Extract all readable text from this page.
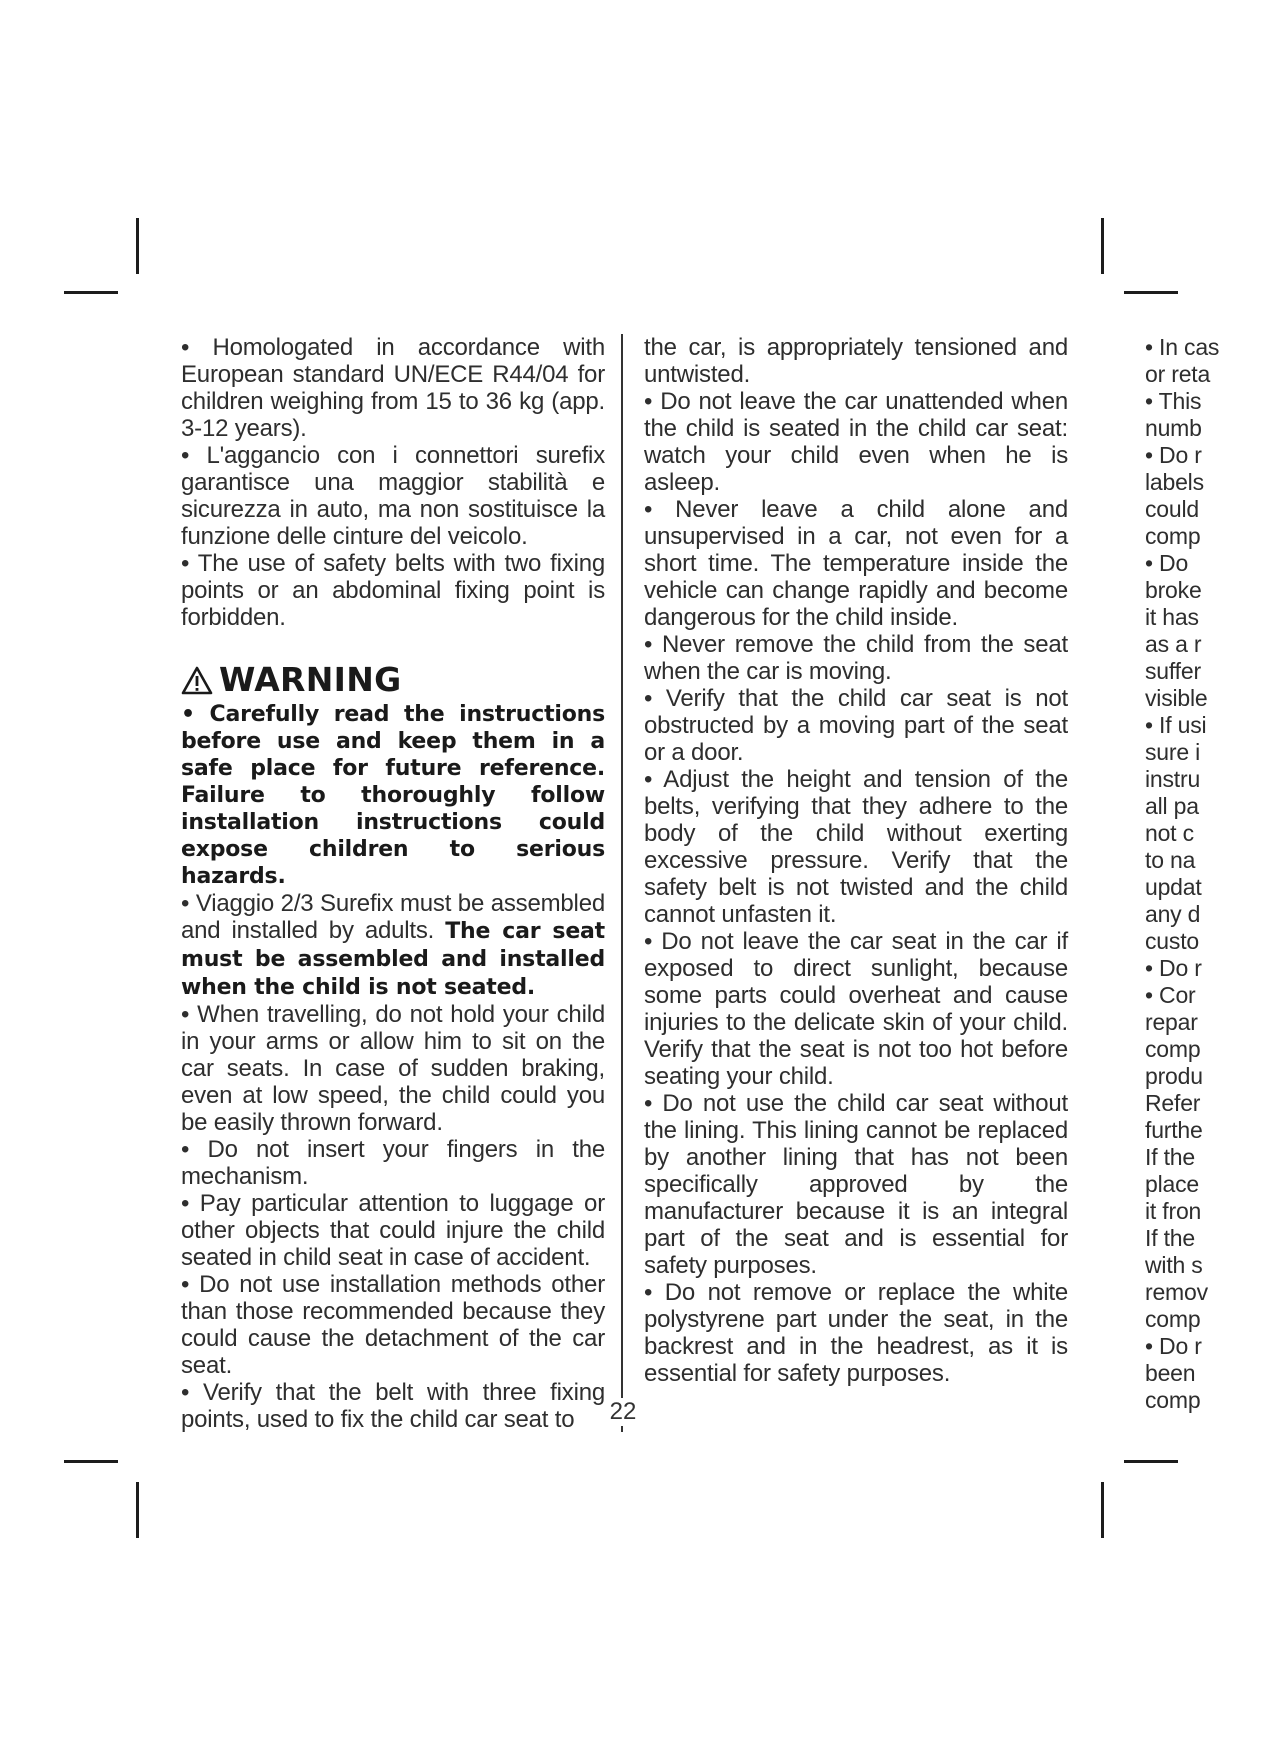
22

• Homologated in accordance with European standard UN/ECE R44/04 for children weighing from 15 to 36 kg (app. 3-12 years).

• L'aggancio con i connettori surefix garantisce una maggior stabilità e sicurezza in auto, ma non sostituisce la funzione delle cinture del veicolo.

• The use of safety belts with two fixing points or an abdominal fixing point is forbidden.

WARNING

• Carefully read the instructions before use and keep them in a safe place for future reference. Failure to thoroughly follow installation instructions could expose children to serious hazards.

• Viaggio 2/3 Surefix must be assembled and installed by adults. The car seat must be assembled and installed when the child is not seated.

• When travelling, do not hold your child in your arms or allow him to sit on the car seats. In case of sudden braking, even at low speed, the child could you be easily thrown forward.

• Do not insert your fingers in the mechanism.

• Pay particular attention to luggage or other objects that could injure the child seated in child seat in case of accident.

• Do not use installation methods other than those recommended because they could cause the detachment of the car seat.

• Verify that the belt with three fixing points, used to fix the child car seat to

the car, is appropriately tensioned and untwisted.

• Do not leave the car unattended when the child is seated in the child car seat: watch your child even when he is asleep.

• Never leave a child alone and unsupervised in a car, not even for a short time. The temperature inside the vehicle can change rapidly and become dangerous for the child inside.

• Never remove the child from the seat when the car is moving.

• Verify that the child car seat is not obstructed by a moving part of the seat or a door.

• Adjust the height and tension of the belts, verifying that they adhere to the body of the child without exerting excessive pressure. Verify that the safety belt is not twisted and the child cannot unfasten it.

• Do not leave the car seat in the car if exposed to direct sunlight, because some parts could overheat and cause injuries to the delicate skin of your child. Verify that the seat is not too hot before seating your child.

• Do not use the child car seat without the lining. This lining cannot be replaced by another lining that has not been specifically approved by the manufacturer because it is an integral part of the seat and is essential for safety purposes.

• Do not remove or replace the white polystyrene part under the seat, in the backrest and in the headrest, as it is essential for safety purposes.

• In cas
or reta
• This
numb
• Do r
labels
could
comp
• Do
broke
it has
as a r
suffer
visible
• If usi
sure i
instru
all pa
not c
to na
updat
any d
custo
• Do r
• Cor
repar
comp
produ
Refer
furthe
If the
place
it fron
If the
with s
remov
comp
• Do r
been
comp
